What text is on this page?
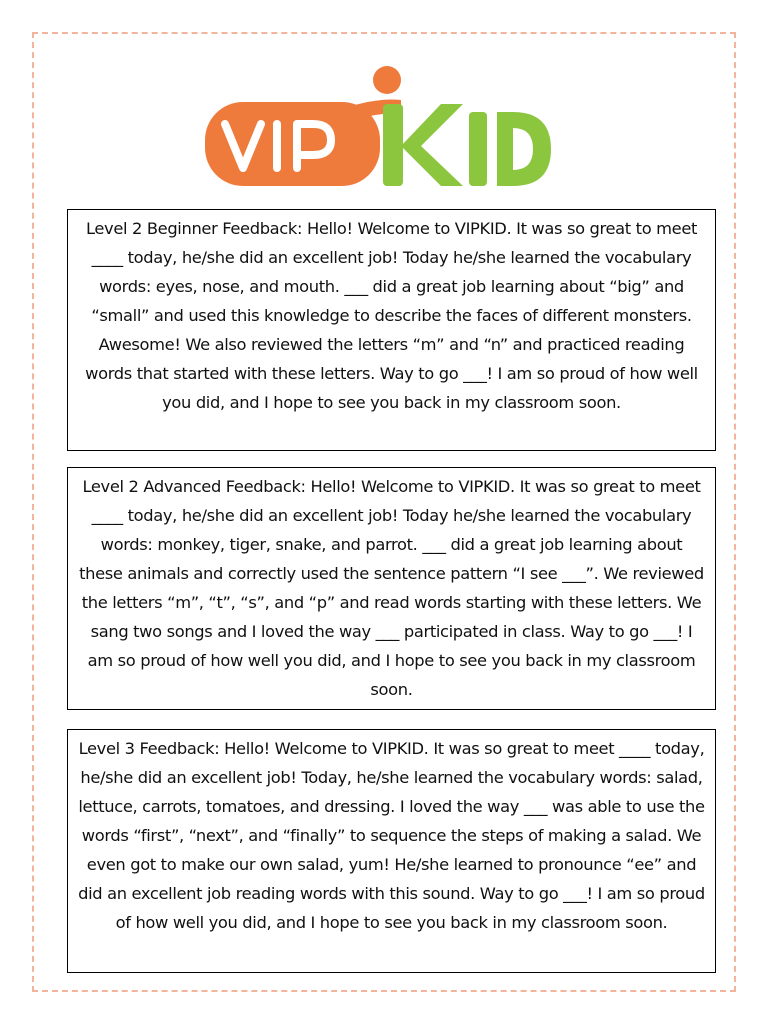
Level 2 Beginner Feedback: Hello! Welcome to VIPKID. It was so great to meet ____ today, he/she did an excellent job! Today he/she learned the vocabulary words: eyes, nose, and mouth. ___ did a great job learning about “big” and “small” and used this knowledge to describe the faces of different monsters. Awesome! We also reviewed the letters “m” and “n” and practiced reading words that started with these letters. Way to go ___! I am so proud of how well you did, and I hope to see you back in my classroom soon.
Level 2 Advanced Feedback: Hello! Welcome to VIPKID. It was so great to meet ____ today, he/she did an excellent job! Today he/she learned the vocabulary words: monkey, tiger, snake, and parrot. ___ did a great job learning about these animals and correctly used the sentence pattern “I see ___”. We reviewed the letters “m”, “t”, “s”, and “p” and read words starting with these letters. We sang two songs and I loved the way ___ participated in class. Way to go ___! I am so proud of how well you did, and I hope to see you back in my classroom soon.
Level 3 Feedback: Hello! Welcome to VIPKID. It was so great to meet ____ today, he/she did an excellent job! Today, he/she learned the vocabulary words: salad, lettuce, carrots, tomatoes, and dressing. I loved the way ___ was able to use the words “first”, “next”, and “finally” to sequence the steps of making a salad. We even got to make our own salad, yum! He/she learned to pronounce “ee” and did an excellent job reading words with this sound. Way to go ___! I am so proud of how well you did, and I hope to see you back in my classroom soon.
